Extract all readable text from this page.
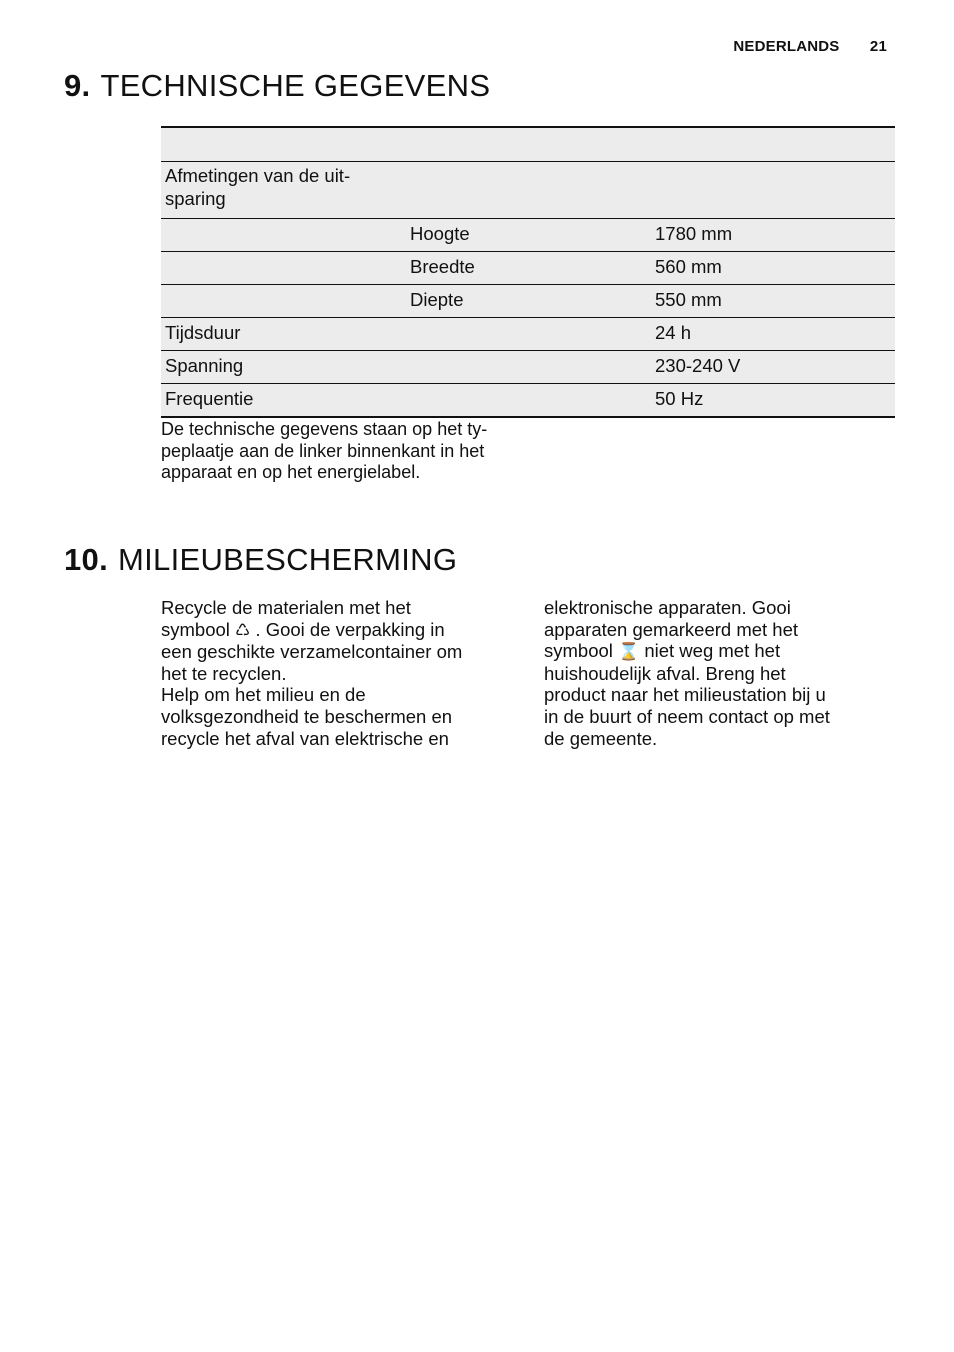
NEDERLANDS 21
9. TECHNISCHE GEGEVENS

Afmetingen van de uit-
sparing		
	Hoogte	1780 mm
	Breedte	560 mm
	Diepte	550 mm
Tijdsduur		24 h
Spanning		230-240 V
Frequentie		50 Hz
De technische gegevens staan op het ty-
peplaatje aan de linker binnenkant in het
apparaat en op het energielabel.
10. MILIEUBESCHERMING
Recycle de materialen met het
symbool ♺ . Gooi de verpakking in
een geschikte verzamelcontainer om
het te recyclen.
Help om het milieu en de
volksgezondheid te beschermen en
recycle het afval van elektrische en
elektronische apparaten. Gooi
apparaten gemarkeerd met het
symbool ⌛ niet weg met het
huishoudelijk afval. Breng het
product naar het milieustation bij u
in de buurt of neem contact op met
de gemeente.
